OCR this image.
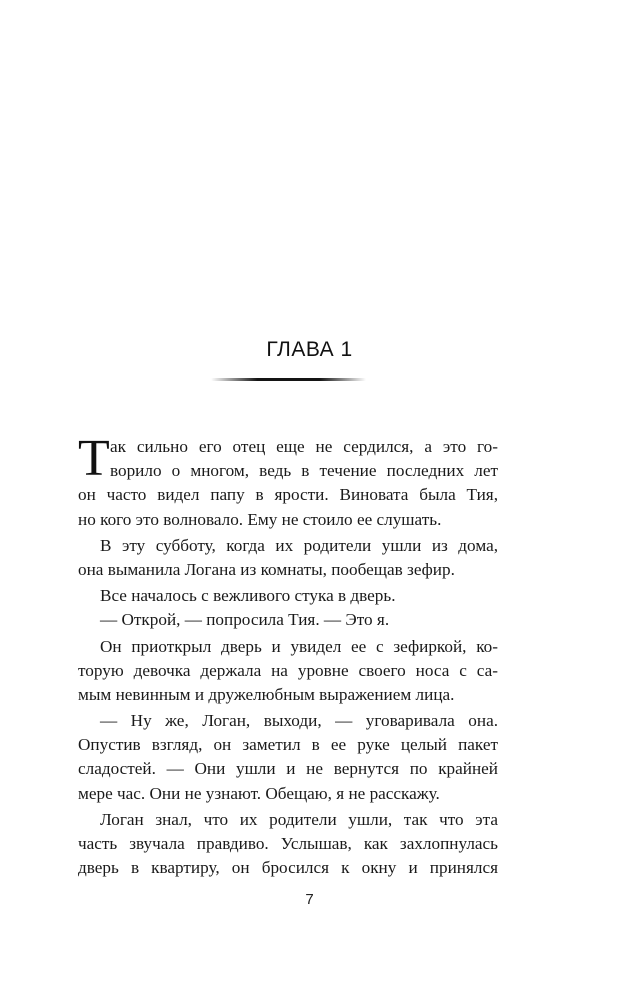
ГЛАВА 1
Т ак сильно его отец еще не сердился, а это го-
ворило о многом, ведь в течение последних лет
он часто видел папу в ярости. Виновата была Тия,
но кого это волновало. Ему не стоило ее слушать.
В эту субботу, когда их родители ушли из дома,
она выманила Логана из комнаты, пообещав зефир.
Все началось с вежливого стука в дверь.
— Открой, — попросила Тия. — Это я.
Он приоткрыл дверь и увидел ее с зефиркой, ко-
торую девочка держала на уровне своего носа с са-
мым невинным и дружелюбным выражением лица.
— Ну же, Логан, выходи, — уговаривала она.
Опустив взгляд, он заметил в ее руке целый пакет
сладостей. — Они ушли и не вернутся по крайней
мере час. Они не узнают. Обещаю, я не расскажу.
Логан знал, что их родители ушли, так что эта
часть звучала правдиво. Услышав, как захлопнулась
дверь в квартиру, он бросился к окну и принялся
7
